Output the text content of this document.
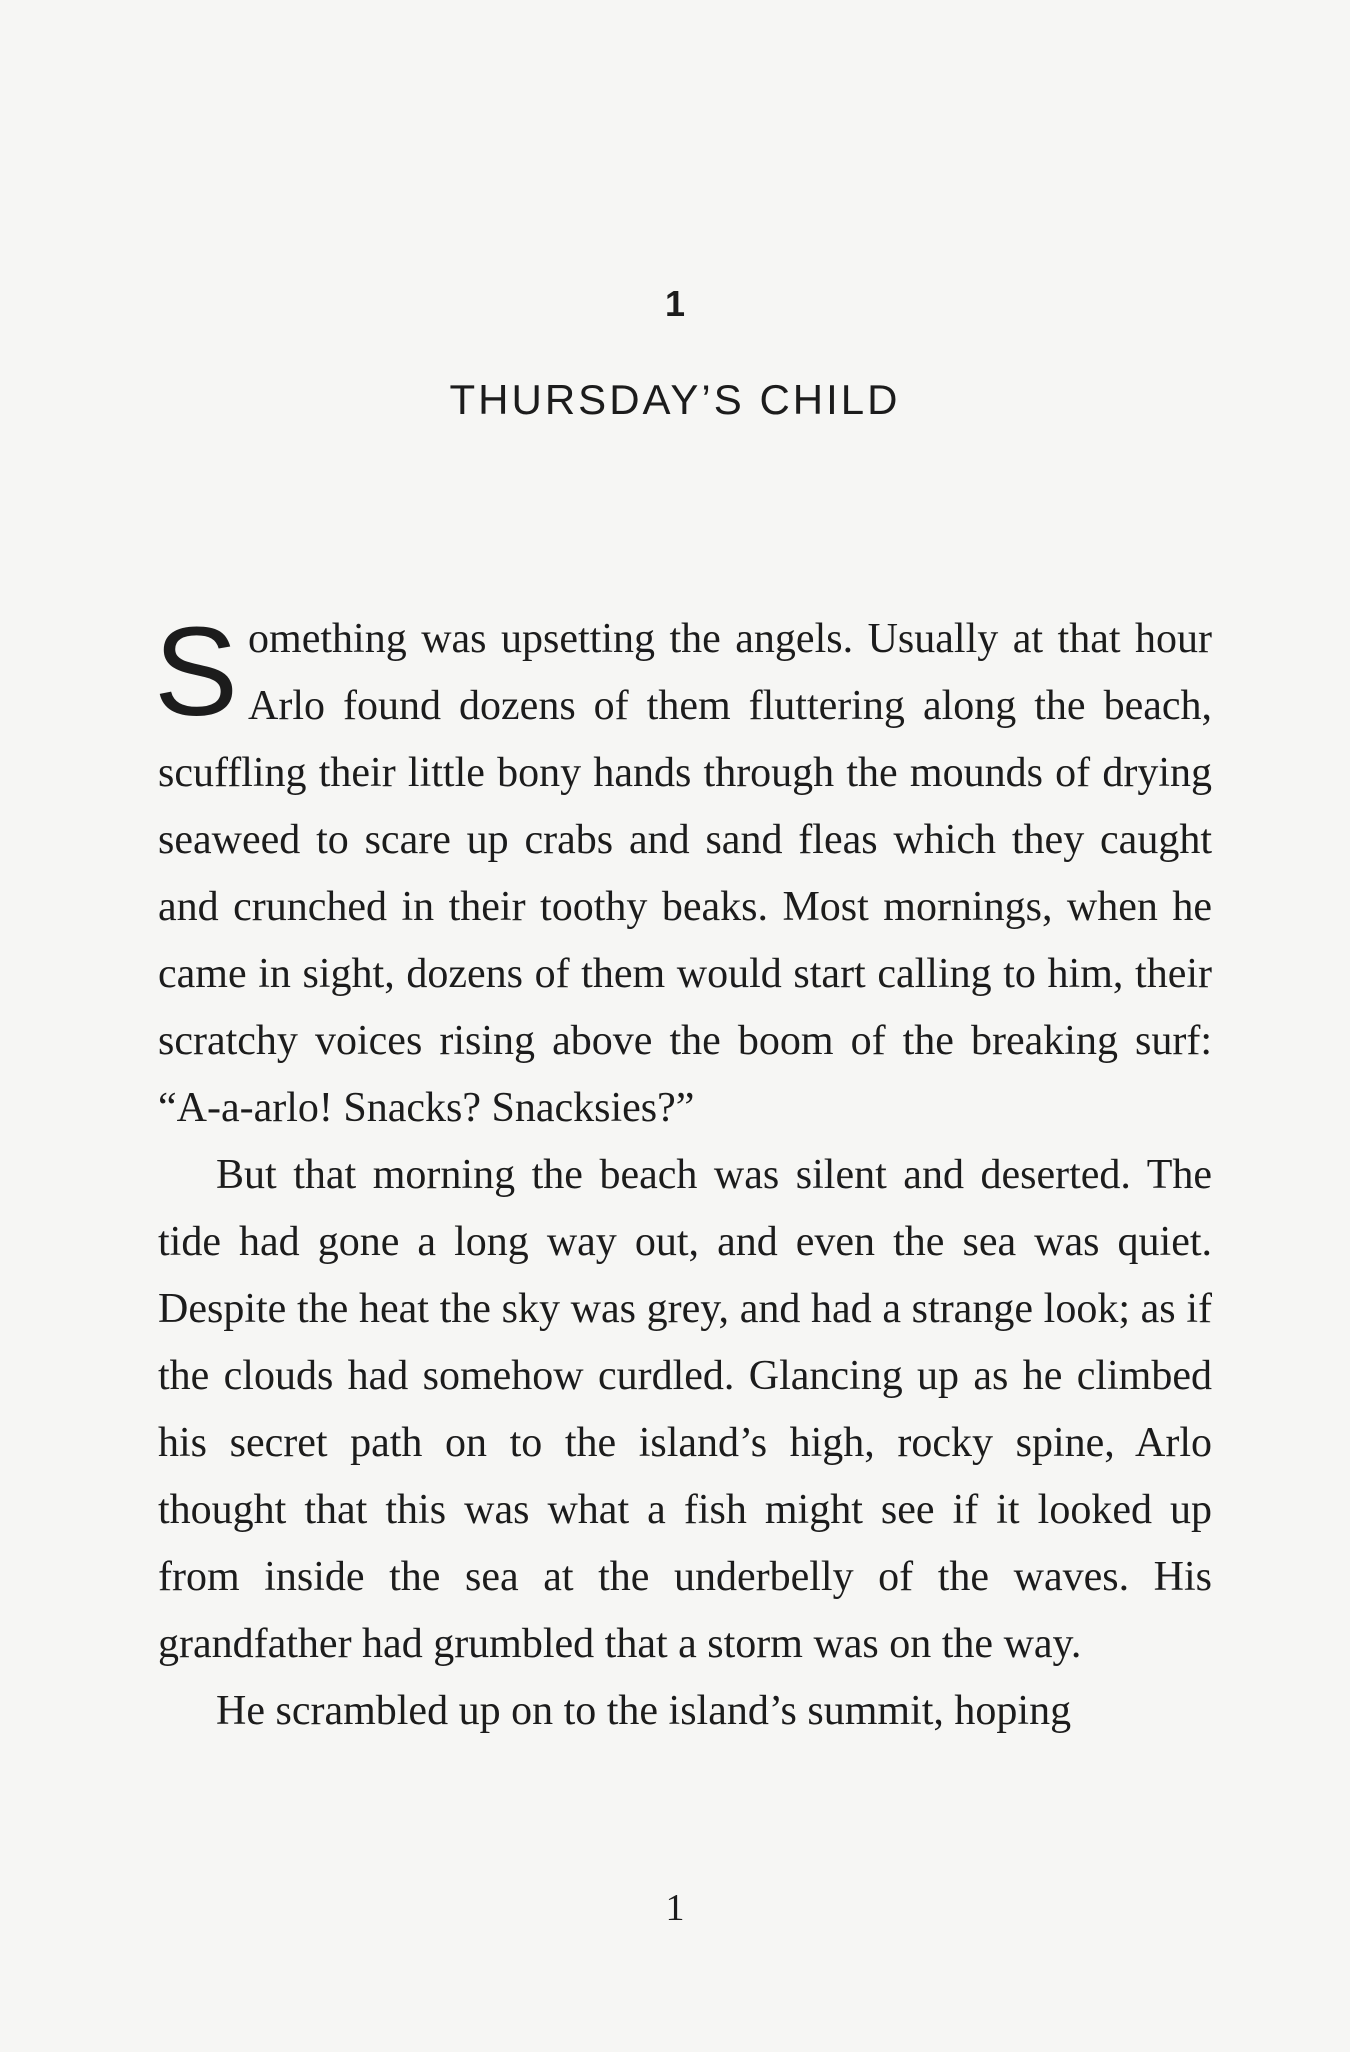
1
THURSDAY’S CHILD

Something was upsetting the angels. Usually at that hour Arlo found dozens of them fluttering along the beach, scuffling their little bony hands through the mounds of drying seaweed to scare up crabs and sand fleas which they caught and crunched in their toothy beaks. Most mornings, when he came in sight, dozens of them would start calling to him, their scratchy voices rising above the boom of the breaking surf: “A-a-arlo! Snacks? Snacksies?”

But that morning the beach was silent and deserted. The tide had gone a long way out, and even the sea was quiet. Despite the heat the sky was grey, and had a strange look; as if the clouds had somehow curdled. Glancing up as he climbed his secret path on to the island’s high, rocky spine, Arlo thought that this was what a fish might see if it looked up from inside the sea at the underbelly of the waves. His grandfather had grumbled that a storm was on the way.

He scrambled up on to the island’s summit, hoping

1
